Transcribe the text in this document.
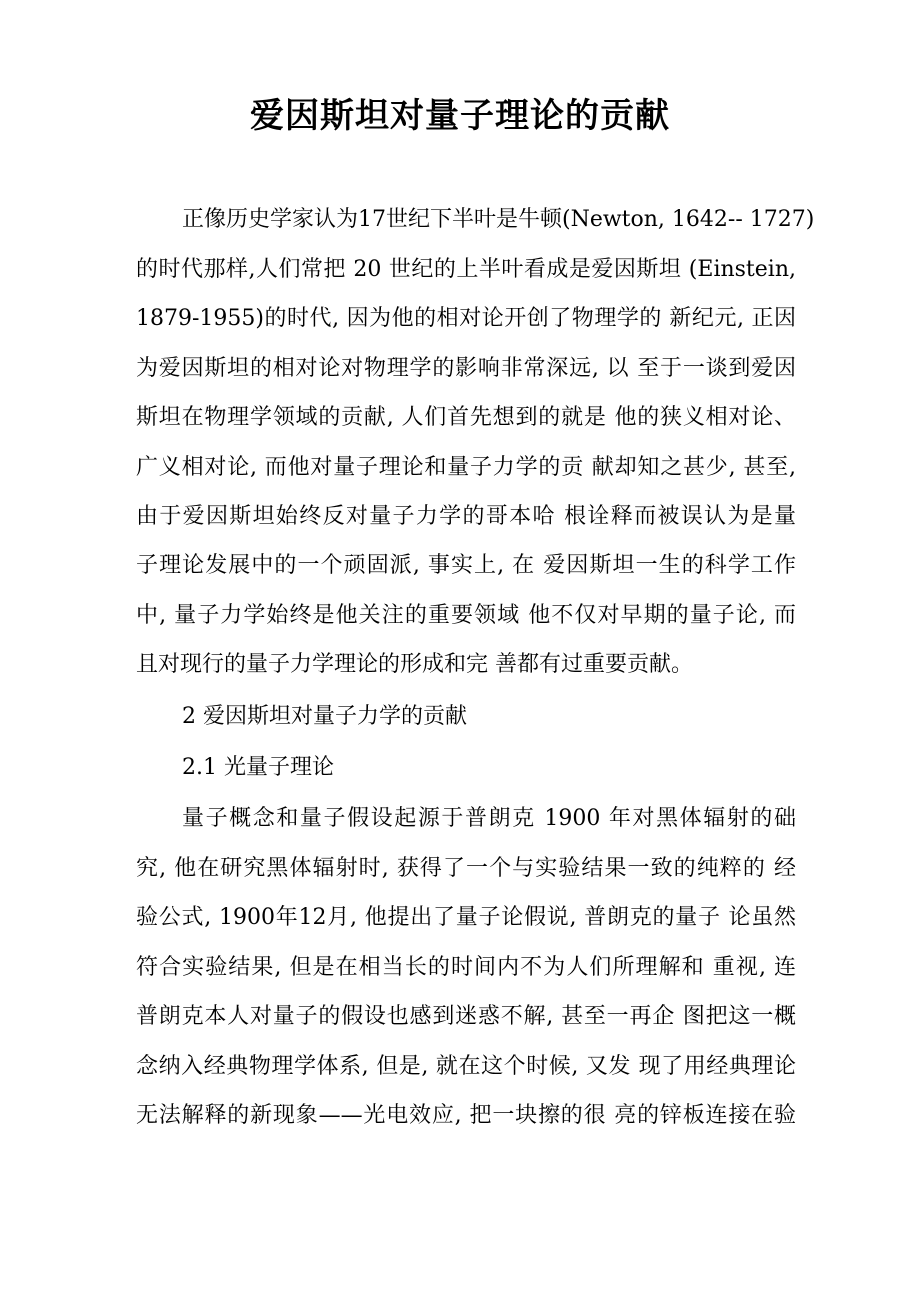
爱因斯坦对量子理论的贡献
正像历史学家认为17世纪下半叶是牛顿(Newton, 1642-- 1727)
的时代那样,人们常把 20 世纪的上半叶看成是爱因斯坦 (Einstein,
1879-1955)的时代, 因为他的相对论开创了物理学的 新纪元, 正因
为爱因斯坦的相对论对物理学的影响非常深远, 以 至于一谈到爱因
斯坦在物理学领域的贡献, 人们首先想到的就是 他的狭义相对论、
广义相对论, 而他对量子理论和量子力学的贡 献却知之甚少, 甚至,
由于爱因斯坦始终反对量子力学的哥本哈 根诠释而被误认为是量
子理论发展中的一个顽固派, 事实上, 在 爱因斯坦一生的科学工作
中, 量子力学始终是他关注的重要领域 他不仅对早期的量子论, 而
且对现行的量子力学理论的形成和完 善都有过重要贡献。
2 爱因斯坦对量子力学的贡献
2.1 光量子理论
量子概念和量子假设起源于普朗克 1900 年对黑体辐射的础
究, 他在研究黑体辐射时, 获得了一个与实验结果一致的纯粹的 经
验公式, 1900年12月, 他提出了量子论假说, 普朗克的量子 论虽然
符合实验结果, 但是在相当长的时间内不为人们所理解和 重视, 连
普朗克本人对量子的假设也感到迷惑不解, 甚至一再企 图把这一概
念纳入经典物理学体系, 但是, 就在这个时候, 又发 现了用经典理论
无法解释的新现象——光电效应, 把一块擦的很 亮的锌板连接在验
